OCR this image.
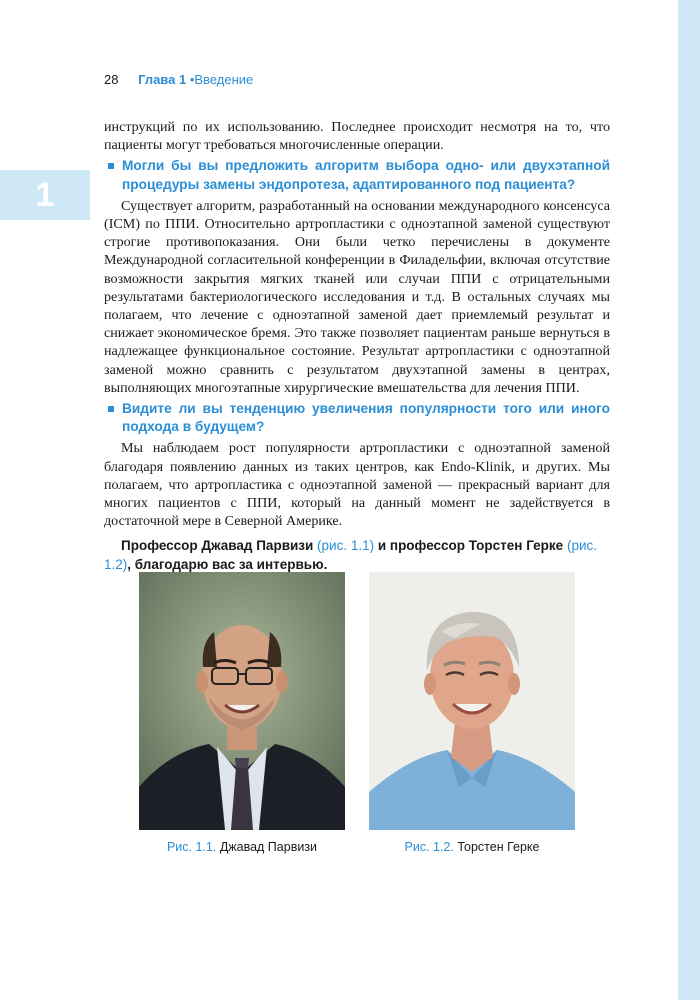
1
28 Глава 1 •Введение

инструкций по их использованию. Последнее происходит несмотря на то, что пациенты могут требоваться многочисленные операции.

Могли бы вы предложить алгоритм выбора одно- или двухэтапной процедуры замены эндопротеза, адаптированного под пациента?

Существует алгоритм, разработанный на основании международного консенсуса (ICM) по ППИ. Относительно артропластики с одноэтапной заменой существуют строгие противопоказания. Они были четко перечислены в документе Международной согласительной конференции в Филадельфии, включая отсутствие возможности закрытия мягких тканей или случаи ППИ с отрицательными результатами бактериологического исследования и т.д. В остальных случаях мы полагаем, что лечение с одноэтапной заменой дает приемлемый результат и снижает экономическое бремя. Это также позволяет пациентам раньше вернуться в надлежащее функциональное состояние. Результат артропластики с одноэтапной заменой можно сравнить с результатом двухэтапной замены в центрах, выполняющих многоэтапные хирургические вмешательства для лечения ППИ.

Видите ли вы тенденцию увеличения популярности того или иного подхода в будущем?

Мы наблюдаем рост популярности артропластики с одноэтапной заменой благодаря появлению данных из таких центров, как Endo-Klinik, и других. Мы полагаем, что артропластика с одноэтапной заменой — прекрасный вариант для многих пациентов с ППИ, который на данный момент не задействуется в достаточной мере в Северной Америке.

Профессор Джавад Парвизи (рис. 1.1) и профессор Торстен Герке (рис. 1.2), благодарю вас за интервью.

Рис. 1.1. Джавад Парвизи	Рис. 1.2. Торстен Герке
